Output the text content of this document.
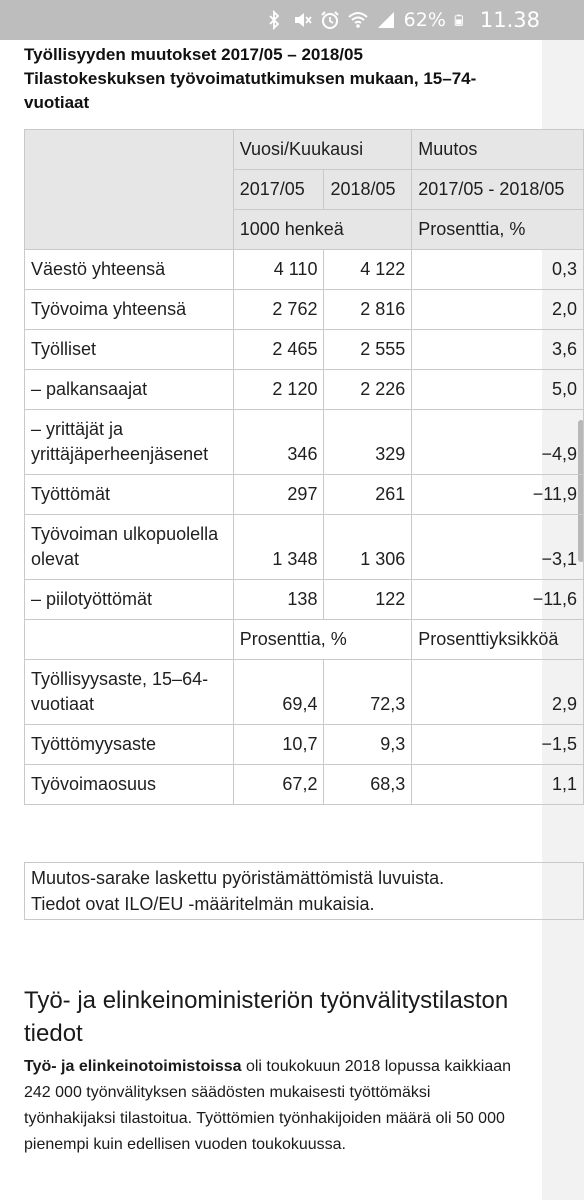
62% 11.38
Työllisyyden muutokset 2017/05 – 2018/05
Tilastokeskuksen työvoimatutkimuksen mukaan, 15–74-vuotiaat
	Vuosi/Kuukausi		Muutos
	2017/05	2018/05	2017/05 - 2018/05
	1000 henkeä		Prosenttia, %
Väestö yhteensä	4 110	4 122	0,3
Työvoima yhteensä	2 762	2 816	2,0
Työlliset	2 465	2 555	3,6
– palkansaajat	2 120	2 226	5,0
– yrittäjät ja yrittäjäperheenjäsenet	346	329	−4,9
Työttömät	297	261	−11,9
Työvoiman ulkopuolella olevat	1 348	1 306	−3,1
– piilotyöttömät	138	122	−11,6
	Prosenttia, %		Prosenttiyksikköä
Työllisyysaste, 15–64-vuotiaat	69,4	72,3	2,9
Työttömyysaste	10,7	9,3	−1,5
Työvoimaosuus	67,2	68,3	1,1
Muutos-sarake laskettu pyöristämättömistä luvuista.
Tiedot ovat ILO/EU -määritelmän mukaisia.
Työ- ja elinkeinoministeriön työnvälitystilaston tiedot

Työ- ja elinkeinotoimistoissa oli toukokuun 2018 lopussa kaikkiaan 242 000 työnvälityksen säädösten mukaisesti työttömäksi työnhakijaksi tilastoitua. Työttömien työnhakijoiden määrä oli 50 000 pienempi kuin edellisen vuoden toukokuussa.
